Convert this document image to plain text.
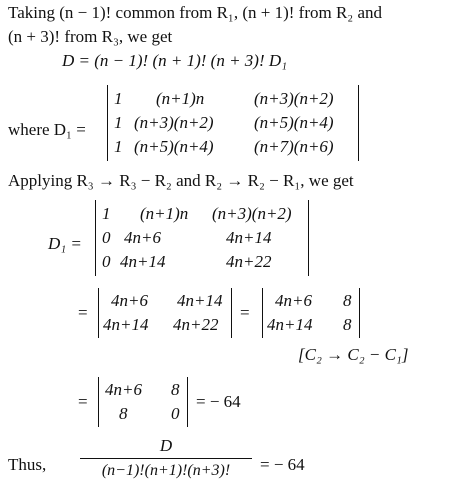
Taking (n − 1)! common from R₁, (n + 1)! from R₂ and
(n + 3)! from R₃, we get
D = (n − 1)! (n + 1)! (n + 3)! D₁
where D₁ =
1 (n+1)n	(n+3)(n+2)
1 (n+3)(n+2) (n+5)(n+4)
1 (n+5)(n+4) (n+7)(n+6)
Applying R₃ → R₃ − R₂ and R₂ → R₂ − R₁, we get
D₁ =
1 (n+1)n (n+3)(n+2)
0 4n+6	4n+14
0 4n+14	4n+22
=
4n+6 4n+14
4n+14 4n+22
=
4n+6 8
4n+14 8
[C₂ → C₂ − C₁]
=
4n+6 8
8	0
= − 64
Thus,
D
(n−1)!(n+1)!(n+3)!	= − 64
